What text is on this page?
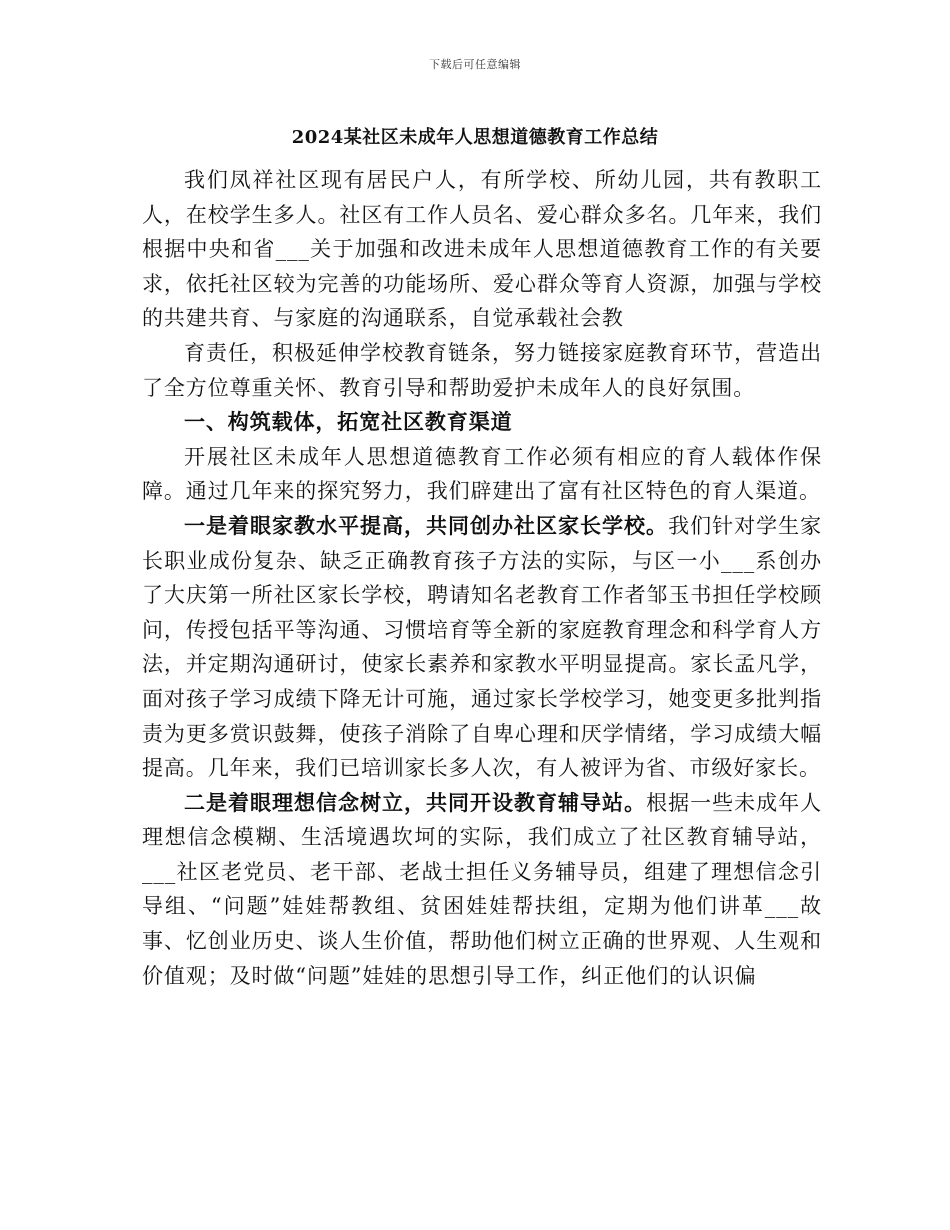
下载后可任意编辑
2024某社区未成年人思想道德教育工作总结

我们凤祥社区现有居民户人，有所学校、所幼儿园，共有教职工人，在校学生多人。社区有工作人员名、爱心群众多名。几年来，我们根据中央和省___关于加强和改进未成年人思想道德教育工作的有关要求，依托社区较为完善的功能场所、爱心群众等育人资源，加强与学校的共建共育、与家庭的沟通联系，自觉承载社会教

育责任，积极延伸学校教育链条，努力链接家庭教育环节，营造出了全方位尊重关怀、教育引导和帮助爱护未成年人的良好氛围。

一、构筑载体，拓宽社区教育渠道

开展社区未成年人思想道德教育工作必须有相应的育人载体作保障。通过几年来的探究努力，我们辟建出了富有社区特色的育人渠道。

一是着眼家教水平提高，共同创办社区家长学校。我们针对学生家长职业成份复杂、缺乏正确教育孩子方法的实际，与区一小___系创办了大庆第一所社区家长学校，聘请知名老教育工作者邹玉书担任学校顾问，传授包括平等沟通、习惯培育等全新的家庭教育理念和科学育人方法，并定期沟通研讨，使家长素养和家教水平明显提高。家长孟凡学，面对孩子学习成绩下降无计可施，通过家长学校学习，她变更多批判指责为更多赏识鼓舞，使孩子消除了自卑心理和厌学情绪，学习成绩大幅提高。几年来，我们已培训家长多人次，有人被评为省、市级好家长。

二是着眼理想信念树立，共同开设教育辅导站。根据一些未成年人理想信念模糊、生活境遇坎坷的实际，我们成立了社区教育辅导站，___社区老党员、老干部、老战士担任义务辅导员，组建了理想信念引导组、“问题”娃娃帮教组、贫困娃娃帮扶组，定期为他们讲革___故事、忆创业历史、谈人生价值，帮助他们树立正确的世界观、人生观和价值观；及时做“问题”娃娃的思想引导工作，纠正他们的认识偏
